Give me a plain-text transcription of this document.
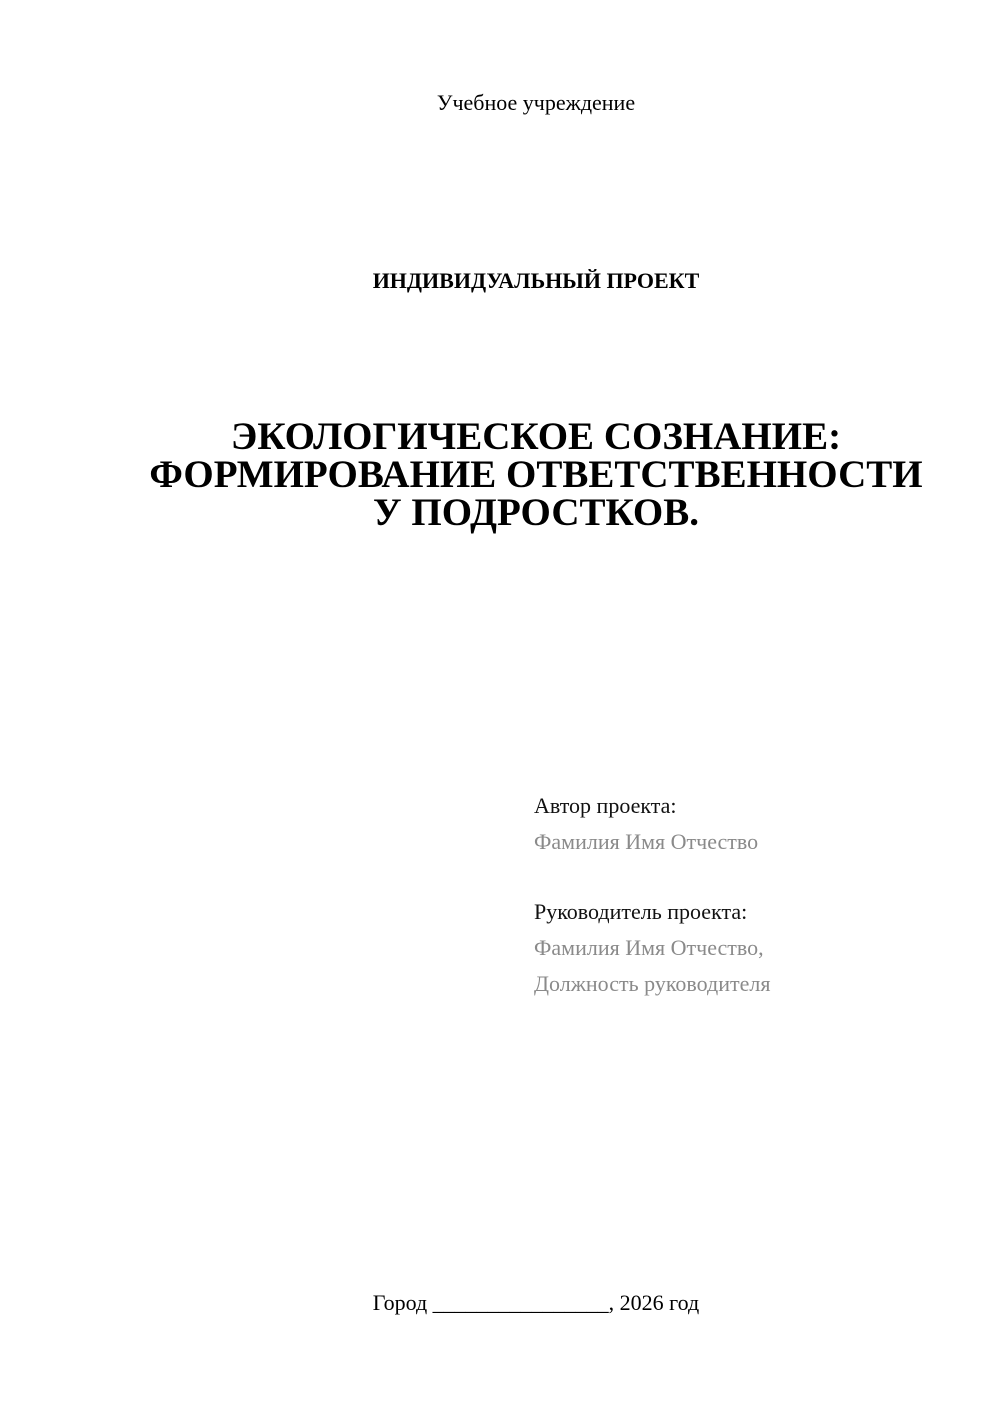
Учебное учреждение
ИНДИВИДУАЛЬНЫЙ ПРОЕКТ
ЭКОЛОГИЧЕСКОЕ СОЗНАНИЕ:
ФОРМИРОВАНИЕ ОТВЕТСТВЕННОСТИ
У ПОДРОСТКОВ.
Автор проекта:
Фамилия Имя Отчество
Руководитель проекта:
Фамилия Имя Отчество,
Должность руководителя
Город ________________, 2026 год
